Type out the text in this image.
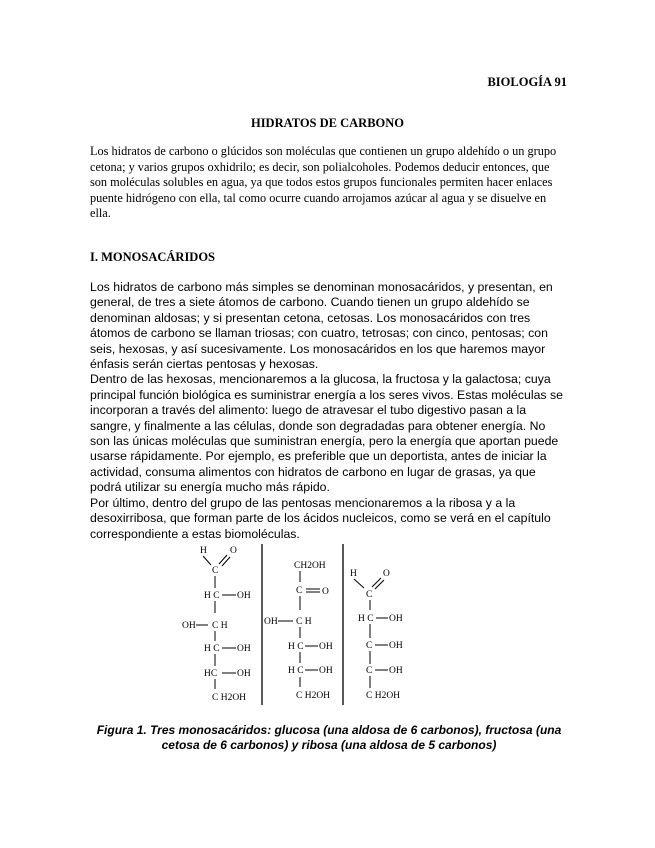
BIOLOGÍA 91
HIDRATOS DE CARBONO
Los hidratos de carbono o glúcidos son moléculas que contienen un grupo aldehído o un grupo cetona; y varios grupos oxhidrilo; es decir, son polialcoholes. Podemos deducir entonces, que son moléculas solubles en agua, ya que todos estos grupos funcionales permiten hacer enlaces puente hidrógeno con ella, tal como ocurre cuando arrojamos azúcar al agua y se disuelve en ella.
I. MONOSACÁRIDOS

Los hidratos de carbono más simples se denominan monosacáridos, y presentan, en general, de tres a siete átomos de carbono. Cuando tienen un grupo aldehído se denominan aldosas; y si presentan cetona, cetosas. Los monosacáridos con tres átomos de carbono se llaman triosas; con cuatro, tetrosas; con cinco, pentosas; con seis, hexosas, y así sucesivamente. Los monosacáridos en los que haremos mayor énfasis serán ciertas pentosas y hexosas.

Dentro de las hexosas, mencionaremos a la glucosa, la fructosa y la galactosa; cuya principal función biológica es suministrar energía a los seres vivos. Estas moléculas se incorporan a través del alimento: luego de atravesar el tubo digestivo pasan a la sangre, y finalmente a las células, donde son degradadas para obtener energía. No son las únicas moléculas que suministran energía, pero la energía que aportan puede usarse rápidamente. Por ejemplo, es preferible que un deportista, antes de iniciar la actividad, consuma alimentos con hidratos de carbono en lugar de grasas, ya que podrá utilizar su energía mucho más rápido.

Por último, dentro del grupo de las pentosas mencionaremos a la ribosa y a la desoxirribosa, que forman parte de los ácidos nucleicos, como se verá en el capítulo correspondiente a estas biomoléculas.

H O
C
H C OH
OH C H
H C OH
HC OH
C H2OH
CH2OH
C O
OH C H
H C OH
H C OH
C H2OH
H	O
C
H C OH
C OH
C OH
C H2OH
Figura 1. Tres monosacáridos: glucosa (una aldosa de 6 carbonos), fructosa (una cetosa de 6 carbonos) y ribosa (una aldosa de 5 carbonos)
